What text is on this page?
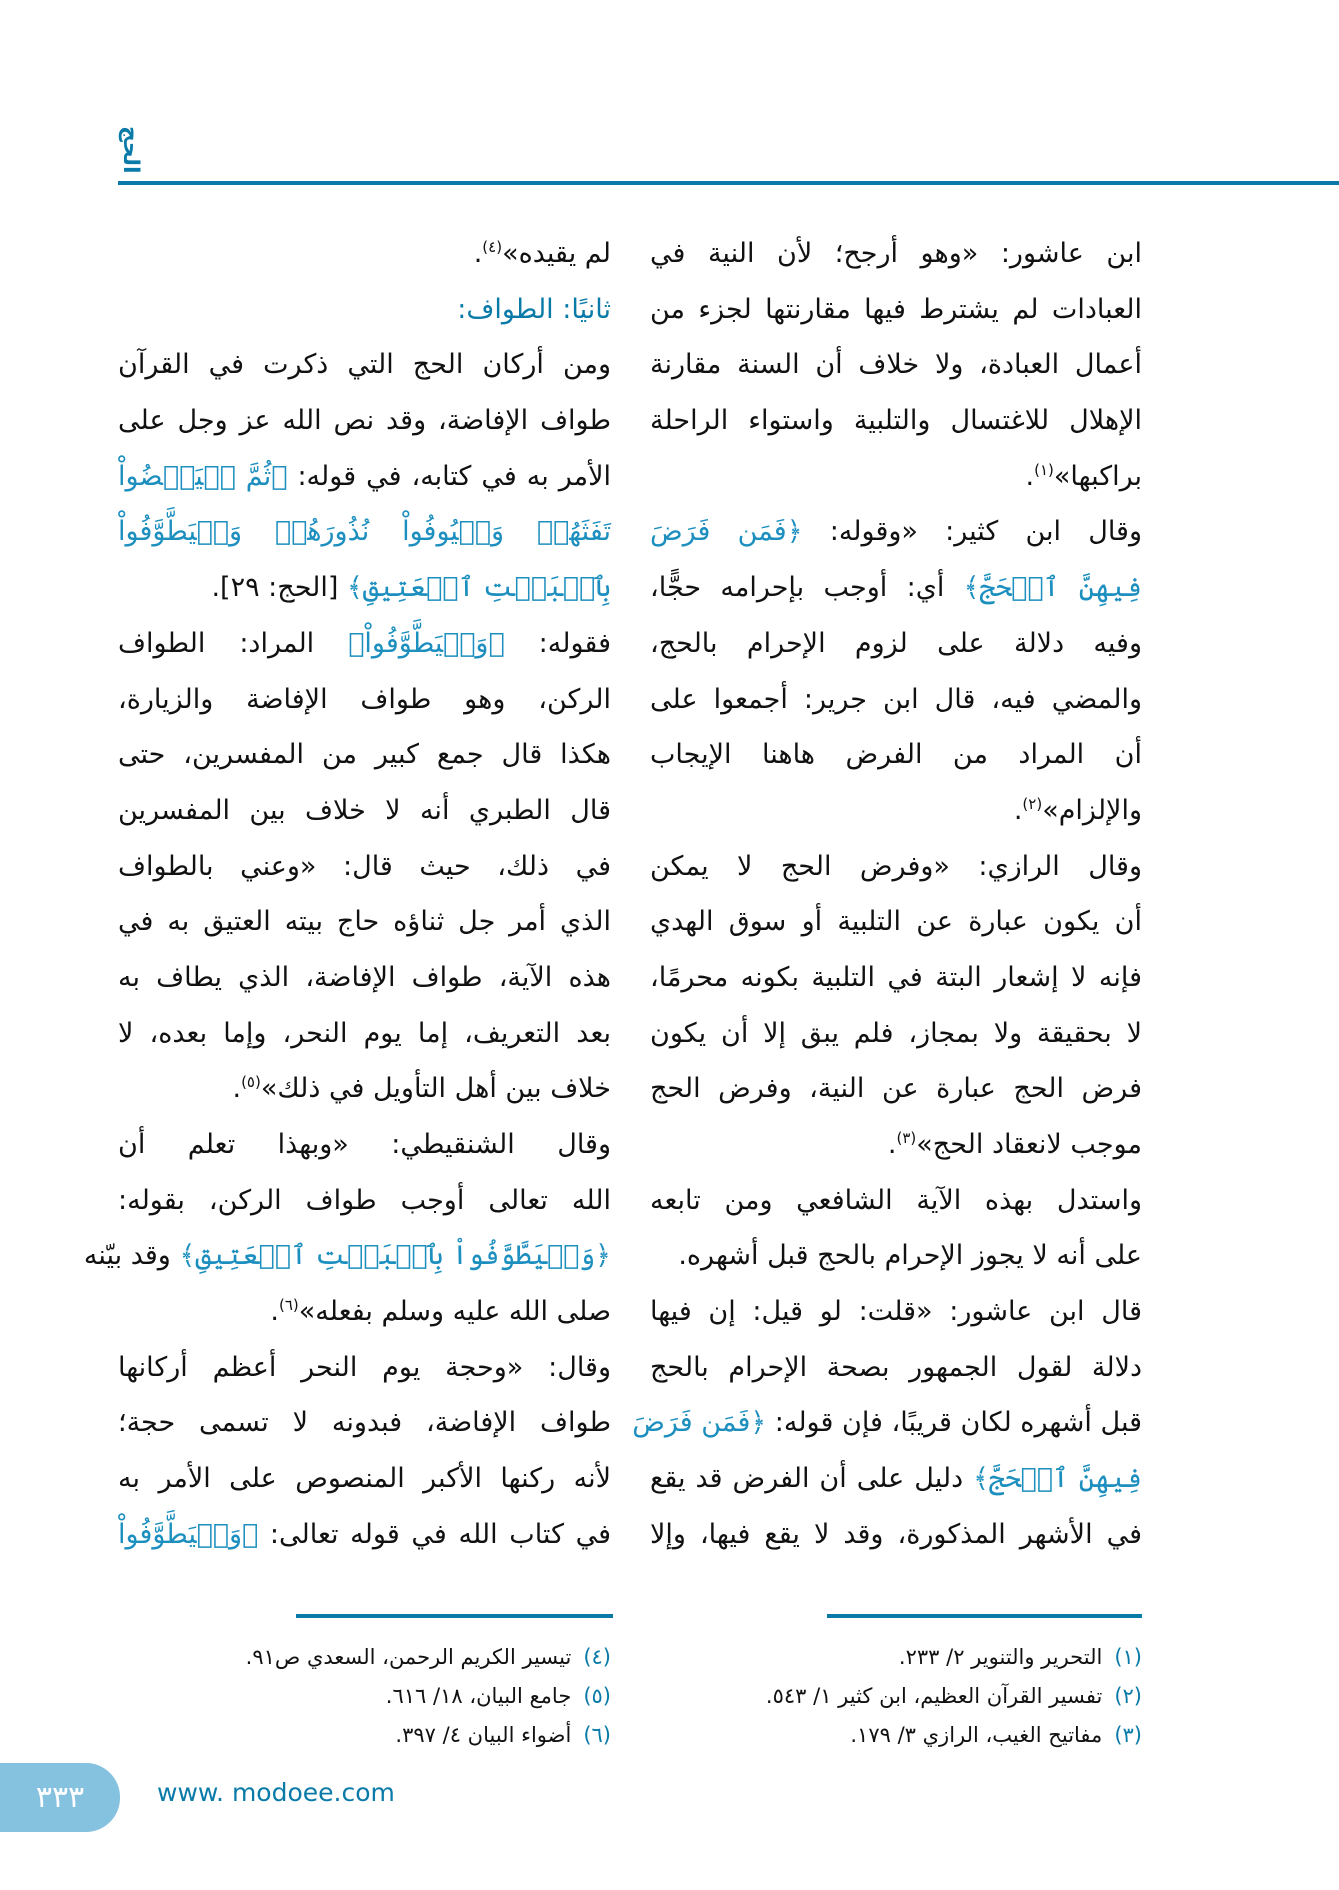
الحج
ابن عاشور: «وهو أرجح؛ لأن النية في
العبادات لم يشترط فيها مقارنتها لجزء من
أعمال العبادة، ولا خلاف أن السنة مقارنة
الإهلال للاغتسال والتلبية واستواء الراحلة
براكبها»$^{(١)}$.
وقال ابن كثير: «وقوله: ﴿فَمَن فَرَضَ
فِيهِنَّ ٱلۡحَجَّ﴾ أي: أوجب بإحرامه حجًّا،
وفيه دلالة على لزوم الإحرام بالحج،
والمضي فيه، قال ابن جرير: أجمعوا على
أن المراد من الفرض هاهنا الإيجاب
والإلزام»$^{(٢)}$.
وقال الرازي: «وفرض الحج لا يمكن
أن يكون عبارة عن التلبية أو سوق الهدي
فإنه لا إشعار البتة في التلبية بكونه محرمًا،
لا بحقيقة ولا بمجاز، فلم يبق إلا أن يكون
فرض الحج عبارة عن النية، وفرض الحج
موجب لانعقاد الحج»$^{(٣)}$.
واستدل بهذه الآية الشافعي ومن تابعه
على أنه لا يجوز الإحرام بالحج قبل أشهره.
قال ابن عاشور: «قلت: لو قيل: إن فيها
دلالة لقول الجمهور بصحة الإحرام بالحج
قبل أشهره لكان قريبًا، فإن قوله: ﴿فَمَن فَرَضَ
فِيهِنَّ ٱلۡحَجَّ﴾ دليل على أن الفرض قد يقع
في الأشهر المذكورة، وقد لا يقع فيها، وإلا
لم يقيده»$^{(٤)}$.
ثانيًا: الطواف:
ومن أركان الحج التي ذكرت في القرآن
طواف الإفاضة، وقد نص الله عز وجل على
الأمر به في كتابه، في قوله: ﴿ثُمَّ لۡيَقۡضُواْ
تَفَثَهُمۡ وَلۡيُوفُواْ نُذُورَهُمۡ وَلۡيَطَّوَّفُواْ
بِٱلۡبَيۡتِ ٱلۡعَتِيقِ﴾ [الحج: ٢٩].
فقوله: ﴿وَلۡيَطَّوَّفُواْ﴾ المراد: الطواف
الركن، وهو طواف الإفاضة والزيارة،
هكذا قال جمع كبير من المفسرين، حتى
قال الطبري أنه لا خلاف بين المفسرين
في ذلك، حيث قال: «وعني بالطواف
الذي أمر جل ثناؤه حاج بيته العتيق به في
هذه الآية، طواف الإفاضة، الذي يطاف به
بعد التعريف، إما يوم النحر، وإما بعده، لا
خلاف بين أهل التأويل في ذلك»$^{(٥)}$.
وقال الشنقيطي: «وبهذا تعلم أن
الله تعالى أوجب طواف الركن، بقوله:
﴿وَلۡيَطَّوَّفُواْ بِٱلۡبَيۡتِ ٱلۡعَتِيقِ﴾ وقد بيّنه
صلى الله عليه وسلم بفعله»$^{(٦)}$.
وقال: «وحجة يوم النحر أعظم أركانها
طواف الإفاضة، فبدونه لا تسمى حجة؛
لأنه ركنها الأكبر المنصوص على الأمر به
في كتاب الله في قوله تعالى: ﴿وَلۡيَطَّوَّفُواْ
(١)التحرير والتنوير ٢/ ٢٣٣.
(٢)تفسير القرآن العظيم، ابن كثير ١/ ٥٤٣.
(٣)مفاتيح الغيب، الرازي ٣/ ١٧٩.
(٤)تيسير الكريم الرحمن، السعدي ص٩١.
(٥)جامع البيان، ١٨/ ٦١٦.
(٦)أضواء البيان ٤/ ٣٩٧.
٣٣٣	www. modoee.com
